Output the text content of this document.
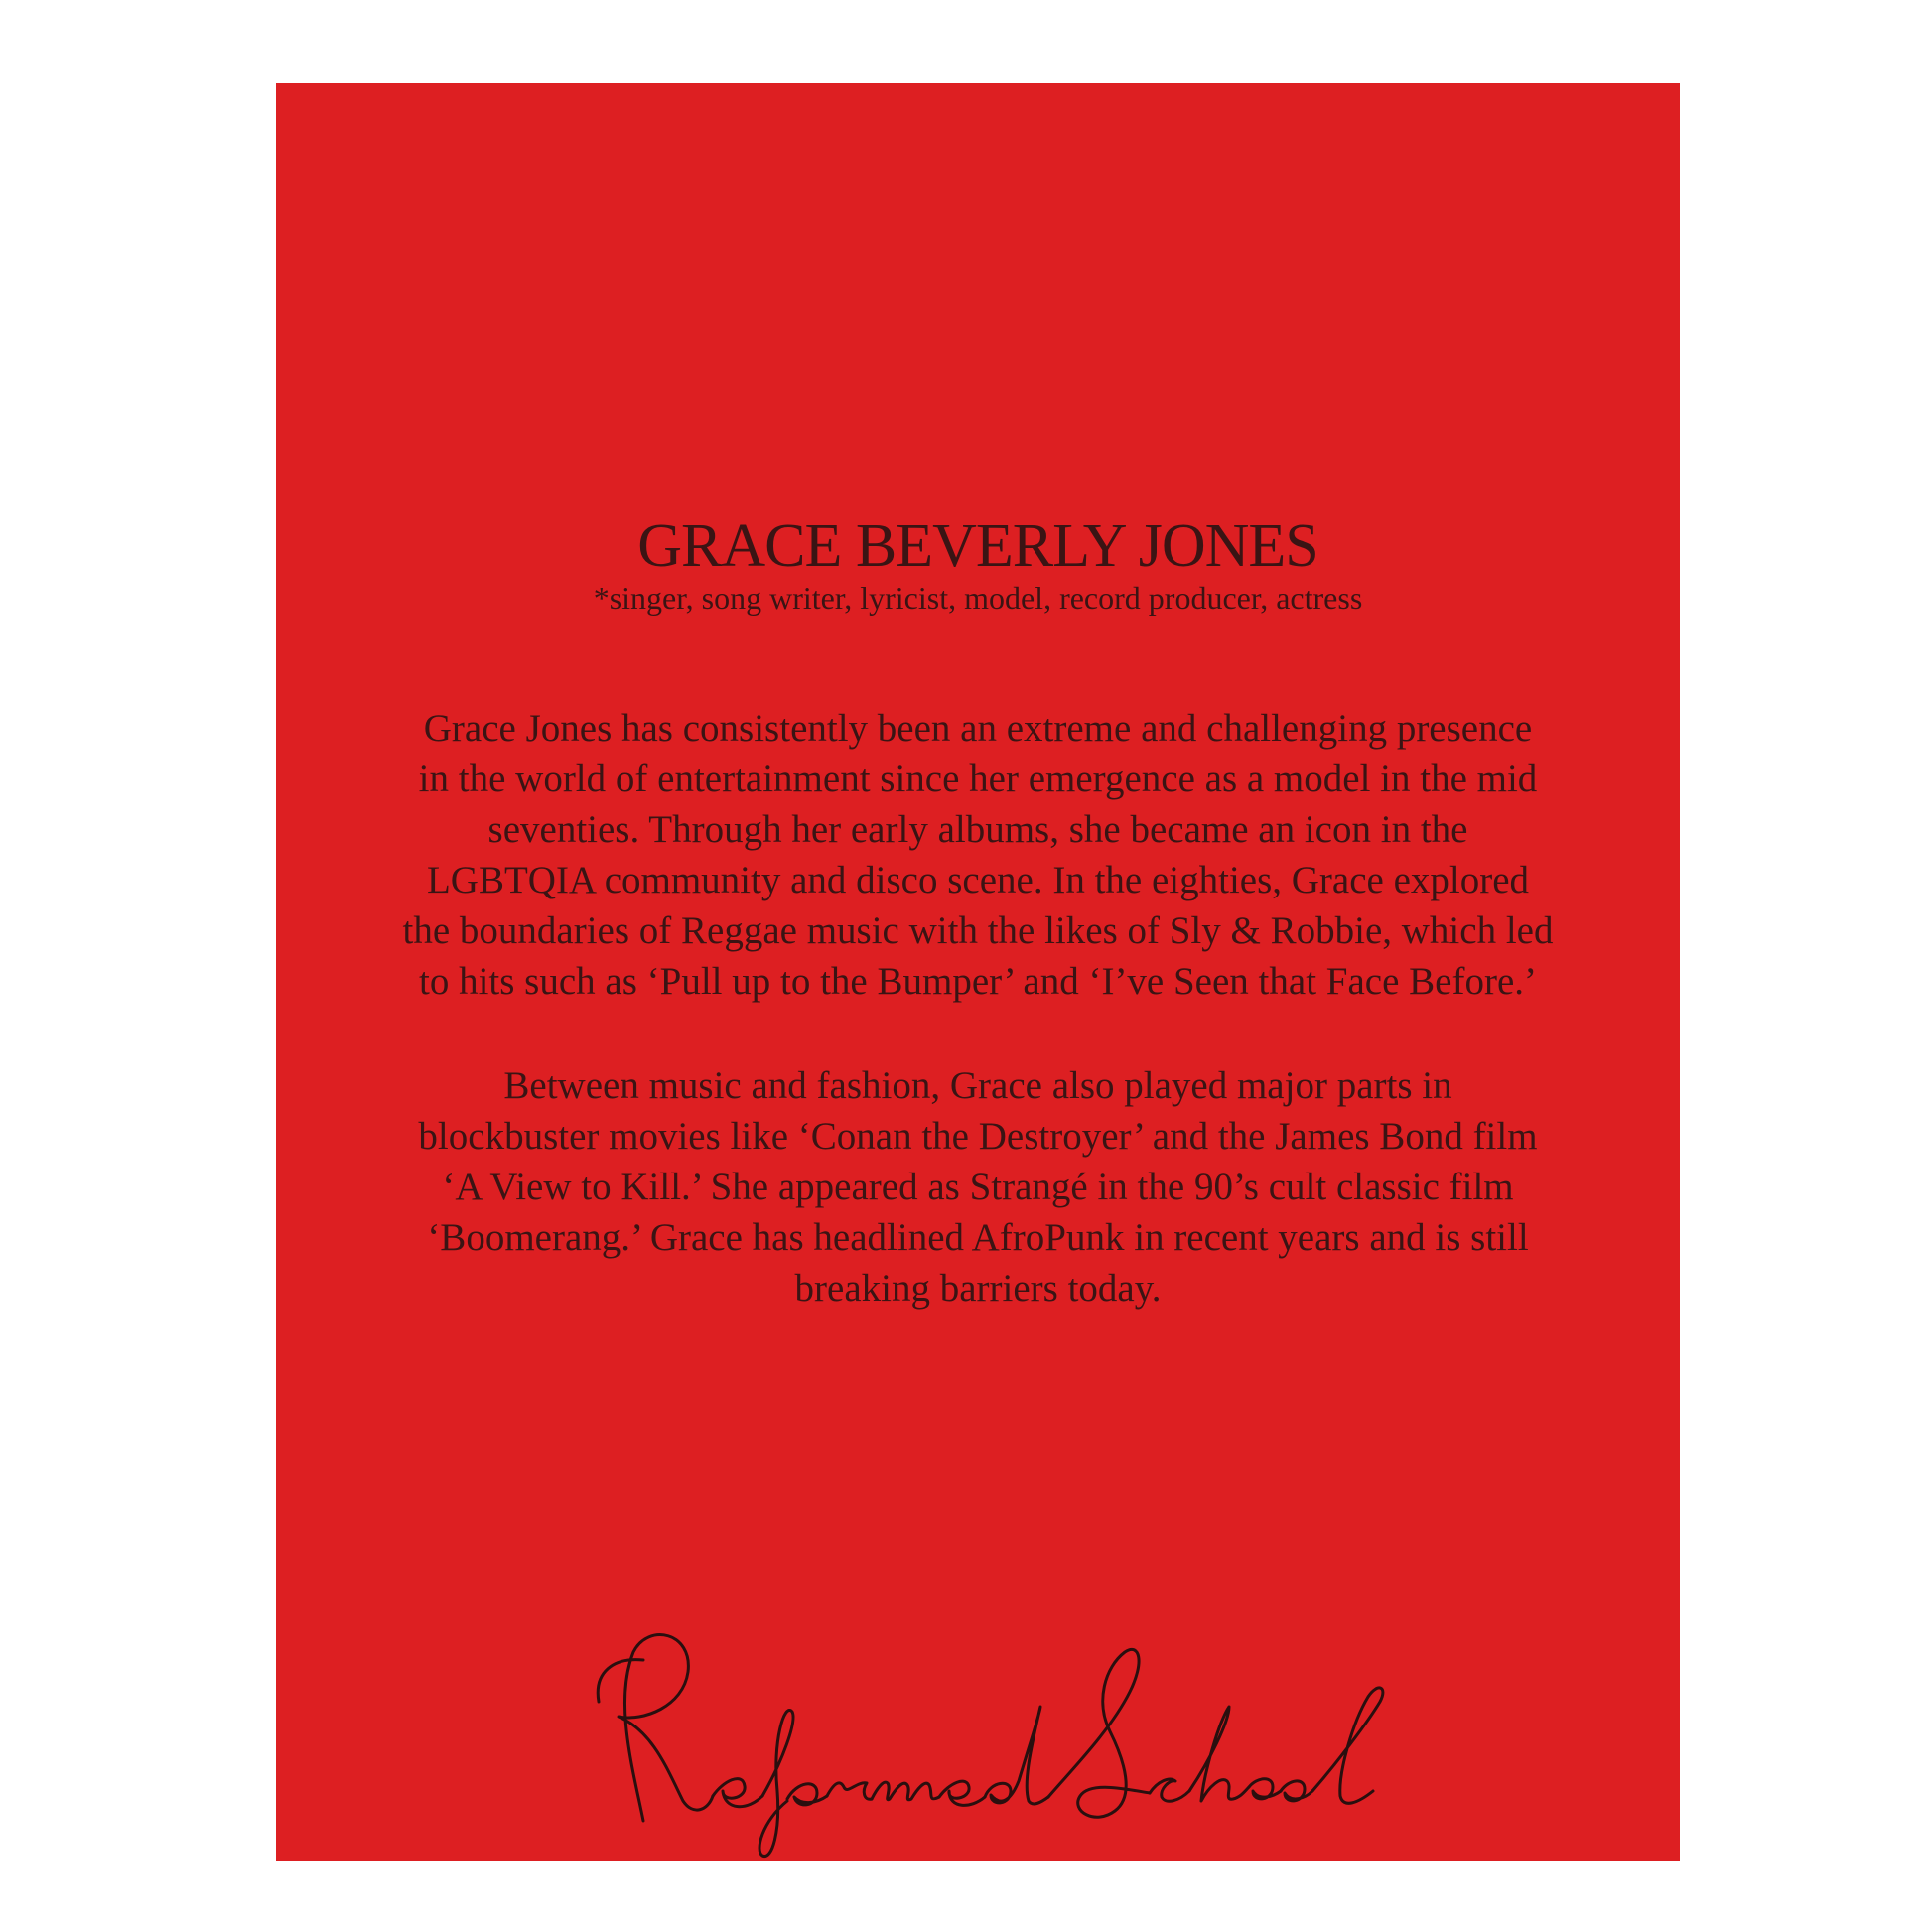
GRACE BEVERLY JONES
*singer, song writer, lyricist, model, record producer, actress
Grace Jones has consistently been an extreme and challenging presence
in the world of entertainment since her emergence as a model in the mid
seventies. Through her early albums, she became an icon in the
LGBTQIA community and disco scene. In the eighties, Grace explored
the boundaries of Reggae music with the likes of Sly & Robbie, which led
to hits such as ‘Pull up to the Bumper’ and ‘I’ve Seen that Face Before.’
Between music and fashion, Grace also played major parts in
blockbuster movies like ‘Conan the Destroyer’ and the James Bond film
‘A View to Kill.’ She appeared as Strangé in the 90’s cult classic film
‘Boomerang.’ Grace has headlined AfroPunk in recent years and is still
breaking barriers today.
